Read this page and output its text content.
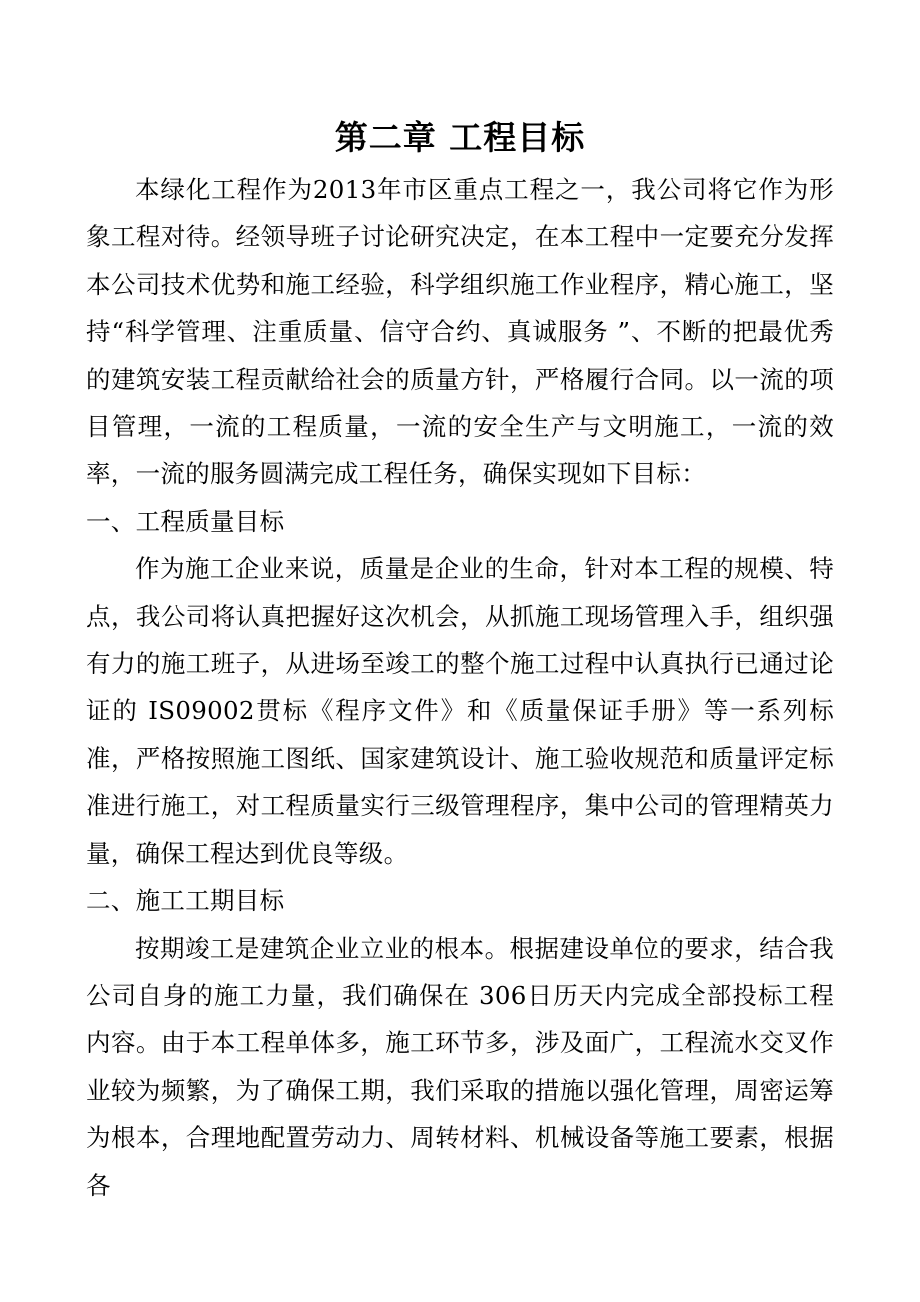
第二章 工程目标

本绿化工程作为2013年市区重点工程之一，我公司将它作为形象工程对待。经领导班子讨论研究决定，在本工程中一定要充分发挥本公司技术优势和施工经验，科学组织施工作业程序，精心施工，坚持“科学管理、注重质量、信守合约、真诚服务 ”、不断的把最优秀的建筑安装工程贡献给社会的质量方针，严格履行合同。以一流的项目管理，一流的工程质量，一流的安全生产与文明施工，一流的效率，一流的服务圆满完成工程任务，确保实现如下目标：

一、工程质量目标

作为施工企业来说，质量是企业的生命，针对本工程的规模、特点，我公司将认真把握好这次机会，从抓施工现场管理入手，组织强有力的施工班子，从进场至竣工的整个施工过程中认真执行已通过论证的 IS09002贯标《程序文件》和《质量保证手册》等一系列标准，严格按照施工图纸、国家建筑设计、施工验收规范和质量评定标准进行施工，对工程质量实行三级管理程序，集中公司的管理精英力量，确保工程达到优良等级。

二、施工工期目标

按期竣工是建筑企业立业的根本。根据建设单位的要求，结合我公司自身的施工力量，我们确保在 306日历天内完成全部投标工程内容。由于本工程单体多，施工环节多，涉及面广，工程流水交叉作业较为频繁，为了确保工期，我们采取的措施以强化管理，周密运筹为根本，合理地配置劳动力、周转材料、机械设备等施工要素，根据各
